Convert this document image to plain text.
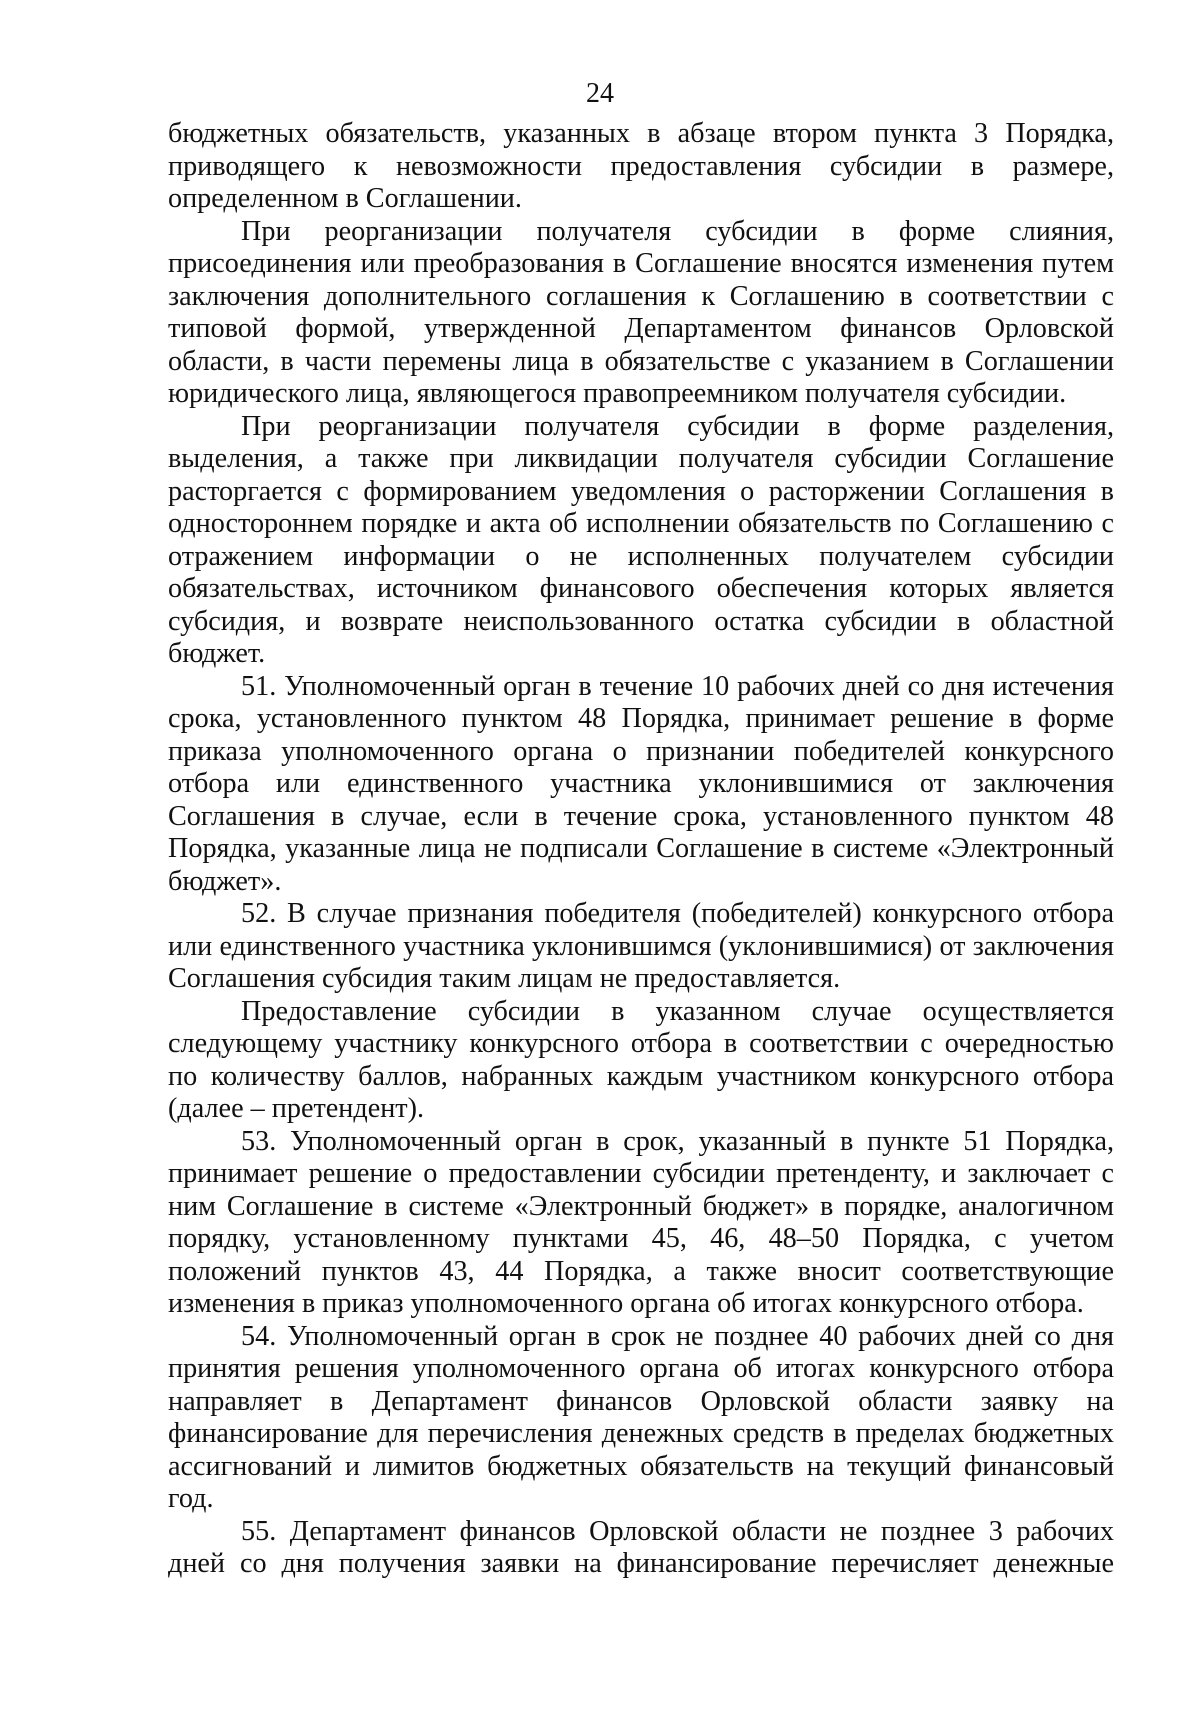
24

бюджетных обязательств, указанных в абзаце втором пункта 3 Порядка, приводящего к невозможности предоставления субсидии в размере, определенном в Соглашении.

При реорганизации получателя субсидии в форме слияния, присоединения или преобразования в Соглашение вносятся изменения путем заключения дополнительного соглашения к Соглашению в соответствии с типовой формой, утвержденной Департаментом финансов Орловской области, в части перемены лица в обязательстве с указанием в Соглашении юридического лица, являющегося правопреемником получателя субсидии.

При реорганизации получателя субсидии в форме разделения, выделения, а также при ликвидации получателя субсидии Соглашение расторгается с формированием уведомления о расторжении Соглашения в одностороннем порядке и акта об исполнении обязательств по Соглашению с отражением информации о не исполненных получателем субсидии обязательствах, источником финансового обеспечения которых является субсидия, и возврате неиспользованного остатка субсидии в областной бюджет.

51. Уполномоченный орган в течение 10 рабочих дней со дня истечения срока, установленного пунктом 48 Порядка, принимает решение в форме приказа уполномоченного органа о признании победителей конкурсного отбора или единственного участника уклонившимися от заключения Соглашения в случае, если в течение срока, установленного пунктом 48 Порядка, указанные лица не подписали Соглашение в системе «Электронный бюджет».

52. В случае признания победителя (победителей) конкурсного отбора или единственного участника уклонившимся (уклонившимися) от заключения Соглашения субсидия таким лицам не предоставляется.

Предоставление субсидии в указанном случае осуществляется следующему участнику конкурсного отбора в соответствии с очередностью по количеству баллов, набранных каждым участником конкурсного отбора (далее – претендент).

53. Уполномоченный орган в срок, указанный в пункте 51 Порядка, принимает решение о предоставлении субсидии претенденту, и заключает с ним Соглашение в системе «Электронный бюджет» в порядке, аналогичном порядку, установленному пунктами 45, 46, 48–50 Порядка, с учетом положений пунктов 43, 44 Порядка, а также вносит соответствующие изменения в приказ уполномоченного органа об итогах конкурсного отбора.

54. Уполномоченный орган в срок не позднее 40 рабочих дней со дня принятия решения уполномоченного органа об итогах конкурсного отбора направляет в Департамент финансов Орловской области заявку на финансирование для перечисления денежных средств в пределах бюджетных ассигнований и лимитов бюджетных обязательств на текущий финансовый год.

55. Департамент финансов Орловской области не позднее 3 рабочих дней со дня получения заявки на финансирование перечисляет денежные
